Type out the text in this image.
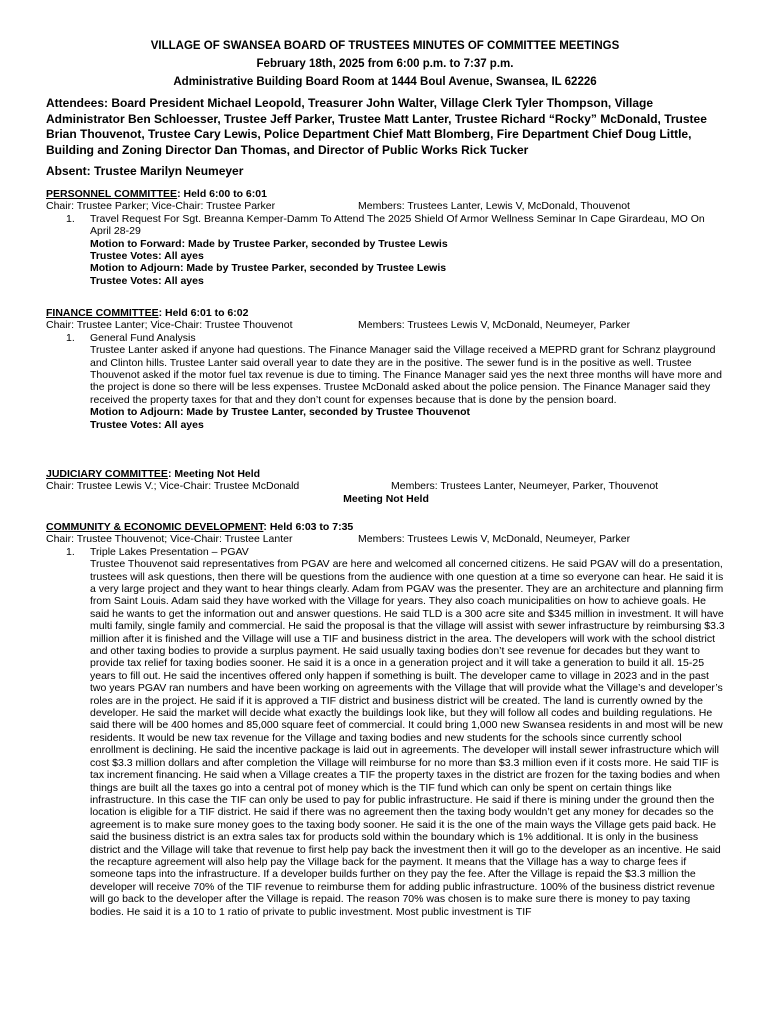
VILLAGE OF SWANSEA BOARD OF TRUSTEES MINUTES OF COMMITTEE MEETINGS
February 18th, 2025 from 6:00 p.m. to 7:37 p.m.
Administrative Building Board Room at 1444 Boul Avenue, Swansea, IL 62226
Attendees: Board President Michael Leopold, Treasurer John Walter, Village Clerk Tyler Thompson, Village Administrator Ben Schloesser, Trustee Jeff Parker, Trustee Matt Lanter, Trustee Richard “Rocky” McDonald, Trustee Brian Thouvenot, Trustee Cary Lewis, Police Department Chief Matt Blomberg, Fire Department Chief Doug Little, Building and Zoning Director Dan Thomas, and Director of Public Works Rick Tucker
Absent: Trustee Marilyn Neumeyer
PERSONNEL COMMITTEE: Held 6:00 to 6:01
Chair: Trustee Parker; Vice-Chair: Trustee Parker	Members: Trustees Lanter, Lewis V, McDonald, Thouvenot
1. Travel Request For Sgt. Breanna Kemper-Damm To Attend The 2025 Shield Of Armor Wellness Seminar In Cape Girardeau, MO On April 28-29
Motion to Forward: Made by Trustee Parker, seconded by Trustee Lewis
Trustee Votes: All ayes
Motion to Adjourn: Made by Trustee Parker, seconded by Trustee Lewis
Trustee Votes: All ayes
FINANCE COMMITTEE: Held 6:01 to 6:02
Chair: Trustee Lanter; Vice-Chair: Trustee Thouvenot	Members: Trustees Lewis V, McDonald, Neumeyer, Parker
1. General Fund Analysis
Trustee Lanter asked if anyone had questions. The Finance Manager said the Village received a MEPRD grant for Schranz playground and Clinton hills. Trustee Lanter said overall year to date they are in the positive. The sewer fund is in the positive as well. Trustee Thouvenot asked if the motor fuel tax revenue is due to timing. The Finance Manager said yes the next three months will have more and the project is done so there will be less expenses. Trustee McDonald asked about the police pension. The Finance Manager said they received the property taxes for that and they don’t count for expenses because that is done by the pension board.
Motion to Adjourn: Made by Trustee Lanter, seconded by Trustee Thouvenot
Trustee Votes: All ayes
JUDICIARY COMMITTEE: Meeting Not Held
Chair: Trustee Lewis V.; Vice-Chair: Trustee McDonald	Members: Trustees Lanter, Neumeyer, Parker, Thouvenot
Meeting Not Held
COMMUNITY & ECONOMIC DEVELOPMENT: Held 6:03 to 7:35
Chair: Trustee Thouvenot; Vice-Chair: Trustee Lanter	Members: Trustees Lewis V, McDonald, Neumeyer, Parker
1. Triple Lakes Presentation – PGAV
Trustee Thouvenot said representatives from PGAV are here and welcomed all concerned citizens. He said PGAV will do a presentation, trustees will ask questions, then there will be questions from the audience with one question at a time so everyone can hear. He said it is a very large project and they want to hear things clearly. Adam from PGAV was the presenter. They are an architecture and planning firm from Saint Louis. Adam said they have worked with the Village for years. They also coach municipalities on how to achieve goals. He said he wants to get the information out and answer questions. He said TLD is a 300 acre site and $345 million in investment. It will have multi family, single family and commercial. He said the proposal is that the village will assist with sewer infrastructure by reimbursing $3.3 million after it is finished and the Village will use a TIF and business district in the area. The developers will work with the school district and other taxing bodies to provide a surplus payment. He said usually taxing bodies don’t see revenue for decades but they want to provide tax relief for taxing bodies sooner. He said it is a once in a generation project and it will take a generation to build it all. 15-25 years to fill out. He said the incentives offered only happen if something is built. The developer came to village in 2023 and in the past two years PGAV ran numbers and have been working on agreements with the Village that will provide what the Village’s and developer’s roles are in the project. He said if it is approved a TIF district and business district will be created. The land is currently owned by the developer. He said the market will decide what exactly the buildings look like, but they will follow all codes and building regulations. He said there will be 400 homes and 85,000 square feet of commercial. It could bring 1,000 new Swansea residents in and most will be new residents. It would be new tax revenue for the Village and taxing bodies and new students for the schools since currently school enrollment is declining. He said the incentive package is laid out in agreements. The developer will install sewer infrastructure which will cost $3.3 million dollars and after completion the Village will reimburse for no more than $3.3 million even if it costs more. He said TIF is tax increment financing. He said when a Village creates a TIF the property taxes in the district are frozen for the taxing bodies and when things are built all the taxes go into a central pot of money which is the TIF fund which can only be spent on certain things like infrastructure. In this case the TIF can only be used to pay for public infrastructure. He said if there is mining under the ground then the location is eligible for a TIF district. He said if there was no agreement then the taxing body wouldn’t get any money for decades so the agreement is to make sure money goes to the taxing body sooner. He said it is the one of the main ways the Village gets paid back. He said the business district is an extra sales tax for products sold within the boundary which is 1% additional. It is only in the business district and the Village will take that revenue to first help pay back the investment then it will go to the developer as an incentive. He said the recapture agreement will also help pay the Village back for the payment. It means that the Village has a way to charge fees if someone taps into the infrastructure. If a developer builds further on they pay the fee. After the Village is repaid the $3.3 million the developer will receive 70% of the TIF revenue to reimburse them for adding public infrastructure. 100% of the business district revenue will go back to the developer after the Village is repaid. The reason 70% was chosen is to make sure there is money to pay taxing bodies. He said it is a 10 to 1 ratio of private to public investment. Most public investment is TIF
